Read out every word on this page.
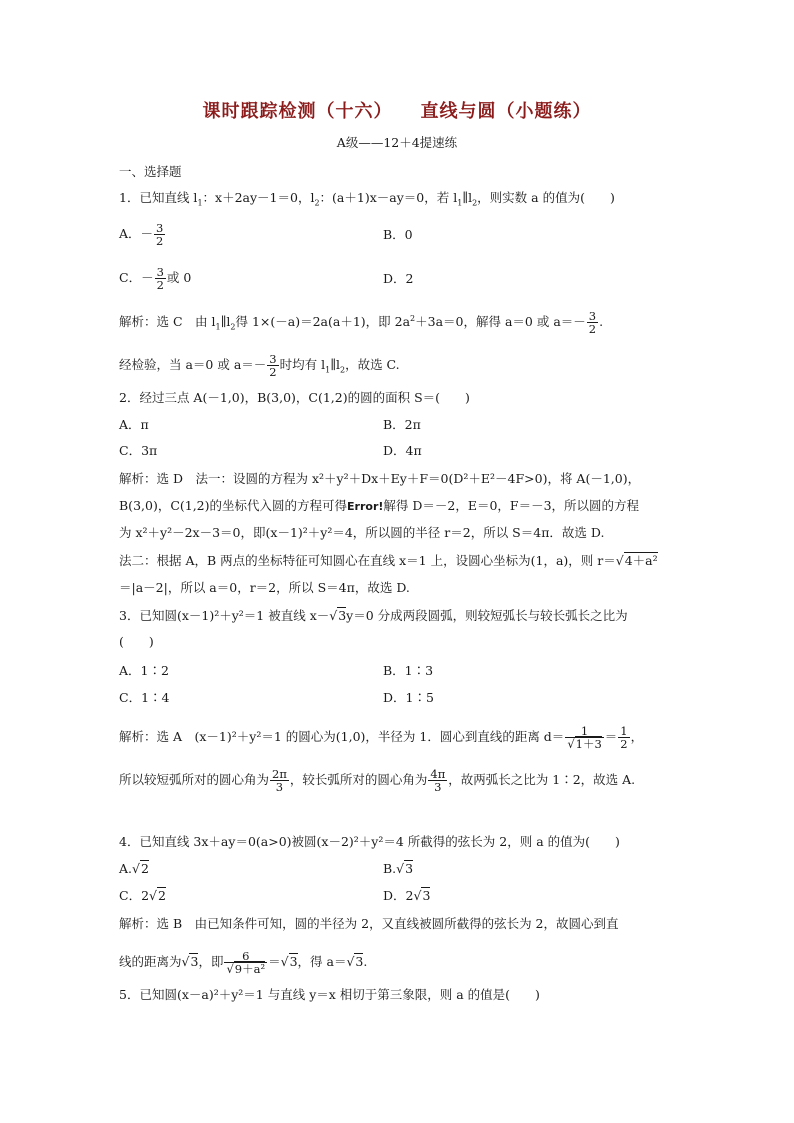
课时跟踪检测（十六） 直线与圆（小题练）
A级——12＋4提速练
一、选择题
1．已知直线 $l_1$：x＋2ay－1＝0，$l_2$：(a＋1)x－ay＝0，若 $l_1\parallel l_2$，则实数 a 的值为(　　)
A．－ $\frac{3}{2}$	B．0
C．－ $\frac{3}{2}$ 或 0	D．2
解析：选 C　由 $l_1\parallel l_2$得 1×(－a)＝2a(a＋1)，即 $2a^2+3a=0$，解得 a＝0 或 $a=- \frac{3}{2}$ .
经检验，当 a＝0 或 $a=- \frac{3}{2}$ 时均有 $l_1\parallel l_2$，故选 C.
2．经过三点 A(－1,0)，B(3,0)，C(1,2)的圆的面积 S＝(　　)
A．π	B．2π
C．3π	D．4π
解析：选 D　法一：设圆的方程为 x²＋y²＋Dx＋Ey＋F＝0(D²＋E²－4F>0)，将 A(－1,0)，
B(3,0)，C(1,2)的坐标代入圆的方程可得Error!解得 D＝－2，E＝0，F＝－3，所以圆的方程
为 x²＋y²－2x－3＝0，即(x－1)²＋y²＝4，所以圆的半径 r＝2，所以 S＝4π．故选 D.
法二：根据 A，B 两点的坐标特征可知圆心在直线 x＝1 上，设圆心坐标为(1，a)，则 r＝√4＋a²
＝|a－2|，所以 a＝0，r＝2，所以 S＝4π，故选 D.
3．已知圆(x－1)²＋y²＝1 被直线 x－√3y＝0 分成两段圆弧，则较短弧长与较长弧长之比为
(　　)
A．1∶2	B．1∶3
C．1∶4	D．1∶5
解析：选 A　(x－1)²＋y²＝1 的圆心为(1,0)，半径为 1．圆心到直线的距离 $d= \frac{1}{√1+3} = \frac{1}{2}$ ，
所以较短弧所对的圆心角为 $\frac{2\pi}{3}$ ，较长弧所对的圆心角为 $\frac{4\pi}{3}$ ，故两弧长之比为 1∶2，故选 A.
4．已知直线 3x＋ay＝0(a>0)被圆(x－2)²＋y²＝4 所截得的弦长为 2，则 a 的值为(　　)
A.√2	B.√3
C．2√2	D．2√3
解析：选 B　由已知条件可知，圆的半径为 2，又直线被圆所截得的弦长为 2，故圆心到直
线的距离为√3，即 $\frac{6}{\text{√9＋a²}} =√3$，得 a＝√3.
5．已知圆(x－a)²＋y²＝1 与直线 y＝x 相切于第三象限，则 a 的值是(　　)
